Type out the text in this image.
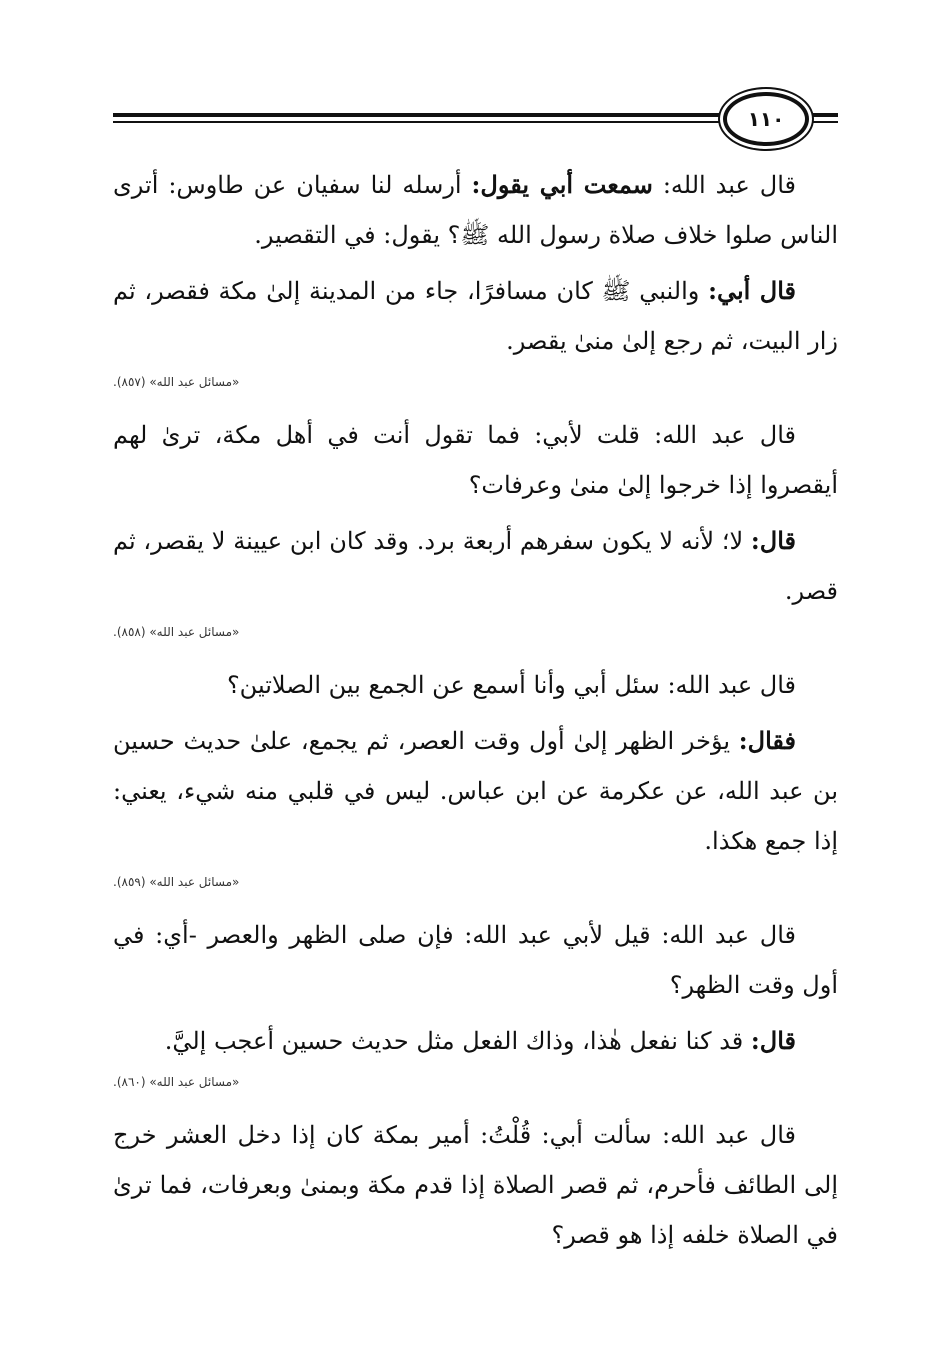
١١٠

قال عبد الله: سمعت أبي يقول: أرسله لنا سفيان عن طاوس: أترى الناس صلوا خلاف صلاة رسول الله ﷺ؟ يقول: في التقصير.

قال أبي: والنبي ﷺ كان مسافرًا، جاء من المدينة إلىٰ مكة فقصر، ثم زار البيت، ثم رجع إلىٰ منىٰ يقصر.

«مسائل عبد الله» (٨٥٧).

قال عبد الله: قلت لأبي: فما تقول أنت في أهل مكة، ترىٰ لهم أيقصروا إذا خرجوا إلىٰ منىٰ وعرفات؟

قال: لا؛ لأنه لا يكون سفرهم أربعة برد. وقد كان ابن عيينة لا يقصر، ثم قصر.

«مسائل عبد الله» (٨٥٨).

قال عبد الله: سئل أبي وأنا أسمع عن الجمع بين الصلاتين؟

فقال: يؤخر الظهر إلىٰ أول وقت العصر، ثم يجمع، علىٰ حديث حسين بن عبد الله، عن عكرمة عن ابن عباس. ليس في قلبي منه شيء، يعني: إذا جمع هكذا.

«مسائل عبد الله» (٨٥٩).

قال عبد الله: قيل لأبي عبد الله: فإن صلى الظهر والعصر -أي: في أول وقت الظهر؟

قال: قد كنا نفعل هٰذا، وذاك الفعل مثل حديث حسين أعجب إليَّ.

«مسائل عبد الله» (٨٦٠).

قال عبد الله: سألت أبي: قُلْتُ: أمير بمكة كان إذا دخل العشر خرج إلى الطائف فأحرم، ثم قصر الصلاة إذا قدم مكة وبمنىٰ وبعرفات، فما ترىٰ في الصلاة خلفه إذا هو قصر؟
